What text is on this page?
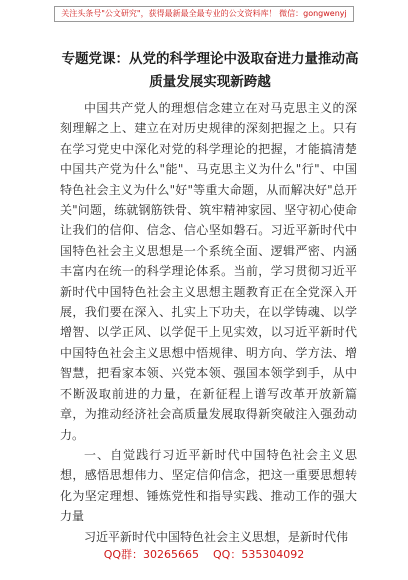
关注头条号"公文研究"，获得最新最全最专业的公文资料库！ 微信：gongwenyj
专题党课：从党的科学理论中汲取奋进力量推动高质量发展实现新跨越

中国共产党人的理想信念建立在对马克思主义的深刻理解之上、建立在对历史规律的深刻把握之上。只有在学习党史中深化对党的科学理论的把握，才能搞清楚中国共产党为什么"能"、马克思主义为什么"行"、中国特色社会主义为什么"好"等重大命题，从而解决好"总开关"问题，练就钢筋铁骨、筑牢精神家园、坚守初心使命让我们的信仰、信念、信心坚如磐石。习近平新时代中国特色社会主义思想是一个系统全面、逻辑严密、内涵丰富内在统一的科学理论体系。当前，学习贯彻习近平新时代中国特色社会主义思想主题教育正在全党深入开展，我们要在深入、扎实上下功夫，在以学铸魂、以学增智、以学正风、以学促干上见实效，以习近平新时代中国特色社会主义思想中悟规律、明方向、学方法、增智慧，把看家本领、兴党本领、强国本领学到手，从中不断汲取前进的力量，在新征程上谱写改革开放新篇章，为推动经济社会高质量发展取得新突破注入强劲动力。

一、自觉践行习近平新时代中国特色社会主义思想，感悟思想伟力、坚定信仰信念，把这一重要思想转化为坚定理想、锤炼党性和指导实践、推动工作的强大力量

习近平新时代中国特色社会主义思想，是新时代伟

QQ群：30265665 QQ：535304092
